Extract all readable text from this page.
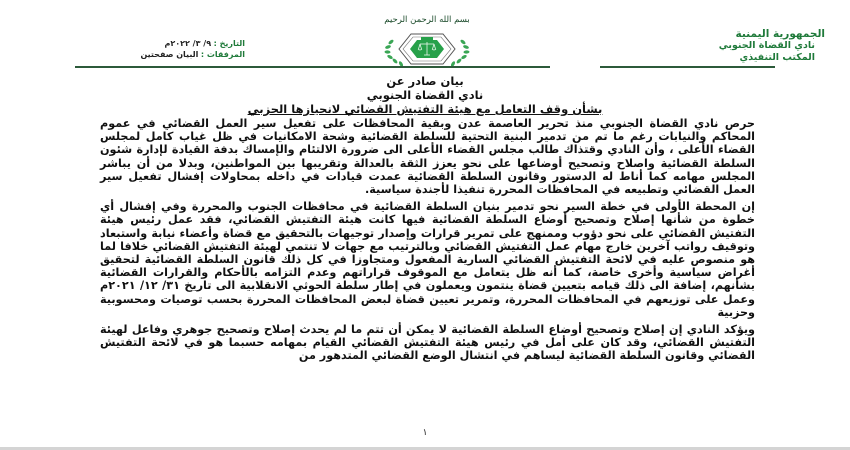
الجمهورية اليمنية
نادي القضاة الجنوبي
المكتب التنفيذي
بسم الله الرحمن الرحيم
التاريخ : ٩/ ٣/ ٢٠٢٢م
المرفقات : البيان صفحتين
بيان صادر عن
نادي القضاة الجنوبي
بشأن وقف التعامل مع هيئة التفتيش القضائي لانحيازها الحزبي

حرص نادي القضاة الجنوبي منذ تحرير العاصمة عدن وبقية المحافظات على تفعيل سير العمل القضائي في عموم المحاكم والنيابات رغم ما تم من تدمير البنية التحتية للسلطة القضائية وشحة الامكانيات في ظل غياب كامل لمجلس القضاء الأعلى ، وأن النادي وقتذاك طالب مجلس القضاء الأعلى الى ضرورة الالتئام والإمساك بدفة القيادة لإدارة شئون السلطة القضائية واصلاح وتصحيح أوضاعها على نحو يعزز الثقة بالعدالة وتقريبها بين المواطنين، وبدلا من أن يباشر المجلس مهامه كما أناط له الدستور وقانون السلطة القضائية عمدت قيادات في داخله بمحاولات إفشال تفعيل سير العمل القضائي وتطبيعه في المحافظات المحررة تنفيذا لأجندة سياسية.

إن المحطة الأولى في خطة السير نحو تدمير بنيان السلطة القضائية في محافظات الجنوب والمحررة وفي إفشال أي خطوة من شأنها إصلاح وتصحيح أوضاع السلطة القضائية فيها كانت هيئة التفتيش القضائي، فقد عمل رئيس هيئة التفتيش القضائي على نحو دؤوب وممنهج على تمرير قرارات وإصدار توجيهات بالتحقيق مع قضاة وأعضاء نيابة واستبعاد وتوقيف رواتب آخرين خارج مهام عمل التفتيش القضائي وبالترتيب مع جهات لا تنتمي لهيئة التفتيش القضائي خلافا لما هو منصوص عليه في لائحة التفتيش القضائي السارية المفعول ومتجاوزا في كل ذلك قانون السلطة القضائية لتحقيق أغراض سياسية وأخرى خاصة، كما أنه ظل يتعامل مع الموقوف قراراتهم وعدم التزامه بالأحكام والقرارات القضائية بشأنهم، إضافة الى ذلك قيامه بتعيين قضاة ينتمون ويعملون في إطار سلطة الحوثي الانقلابية الى تاريخ ٣١/ ١٢/ ٢٠٢١م وعمل على توزيعهم في المحافظات المحررة، وتمرير تعيين قضاة لبعض المحافظات المحررة بحسب توصيات ومحسوبية وحزبية

ويؤكد النادي إن إصلاح وتصحيح أوضاع السلطة القضائية لا يمكن أن تتم ما لم يحدث إصلاح وتصحيح جوهري وفاعل لهيئة التفتيش القضائي، وقد كان على أمل في رئيس هيئة التفتيش القضائي القيام بمهامه حسبما هو في لائحة التفتيش القضائي وقانون السلطة القضائية ليساهم في انتشال الوضع القضائي المتدهور من

١
